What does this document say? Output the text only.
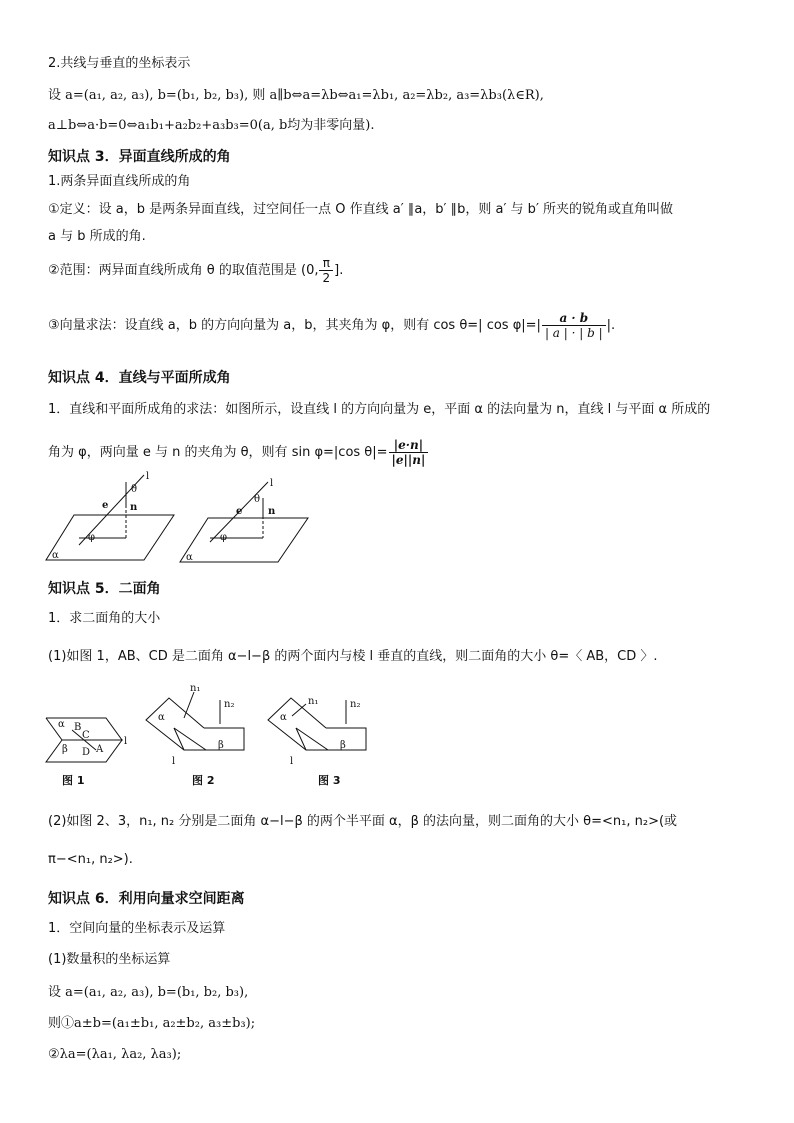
2.共线与垂直的坐标表示
设 a=(a₁, a₂, a₃), b=(b₁, b₂, b₃), 则 a∥b⇔a=λb⇔a₁=λb₁, a₂=λb₂, a₃=λb₃(λ∈R),
a⊥b⇔a·b=0⇔a₁b₁+a₂b₂+a₃b₃=0(a, b均为非零向量).
知识点 3．异面直线所成的角
1.两条异面直线所成的角
①定义：设 a，b 是两条异面直线，过空间任一点 O 作直线 a′ ∥a，b′ ∥b，则 a′ 与 b′ 所夹的锐角或直角叫做
a 与 b 所成的角.
②范围：两异面直线所成角 θ 的取值范围是 (0, $\frac{\pi}{2}$ ].
③向量求法：设直线 a，b 的方向向量为 a，b，其夹角为 φ，则有 cos θ=| $\cos \varphi|=| \frac{a \cdot b}{| a | \cdot | b |}$ |.
知识点 4．直线与平面所成角
1．直线和平面所成角的求法：如图所示，设直线 l 的方向向量为 e，平面 α 的法向量为 n，直线 l 与平面 α 所成的
角为 φ，两向量 e 与 n 的夹角为 θ，则有 sin φ=|cos $\theta|= \frac{|e\cdot n|}{|e||n|}$
l
θ
e n
φ
α
l
θ
e	n
φ
α
知识点 5．二面角
1．求二面角的大小
(1)如图 1，AB、CD 是二面角 α−l−β 的两个面内与棱 l 垂直的直线，则二面角的大小 θ=〈 AB，CD 〉.
α B
C
β D A
l
n₁
n₂
α
β
l
n₁	n₂
α
β
l
图 1	图 2	图 3
(2)如图 2、3，n₁, n₂ 分别是二面角 α−l−β 的两个半平面 α，β 的法向量，则二面角的大小 θ=<n₁, n₂>(或
π−<n₁, n₂>).
知识点 6．利用向量求空间距离
1．空间向量的坐标表示及运算
(1)数量积的坐标运算
设 a=(a₁, a₂, a₃), b=(b₁, b₂, b₃),
则①a±b=(a₁±b₁, a₂±b₂, a₃±b₃);
②λa=(λa₁, λa₂, λa₃);
